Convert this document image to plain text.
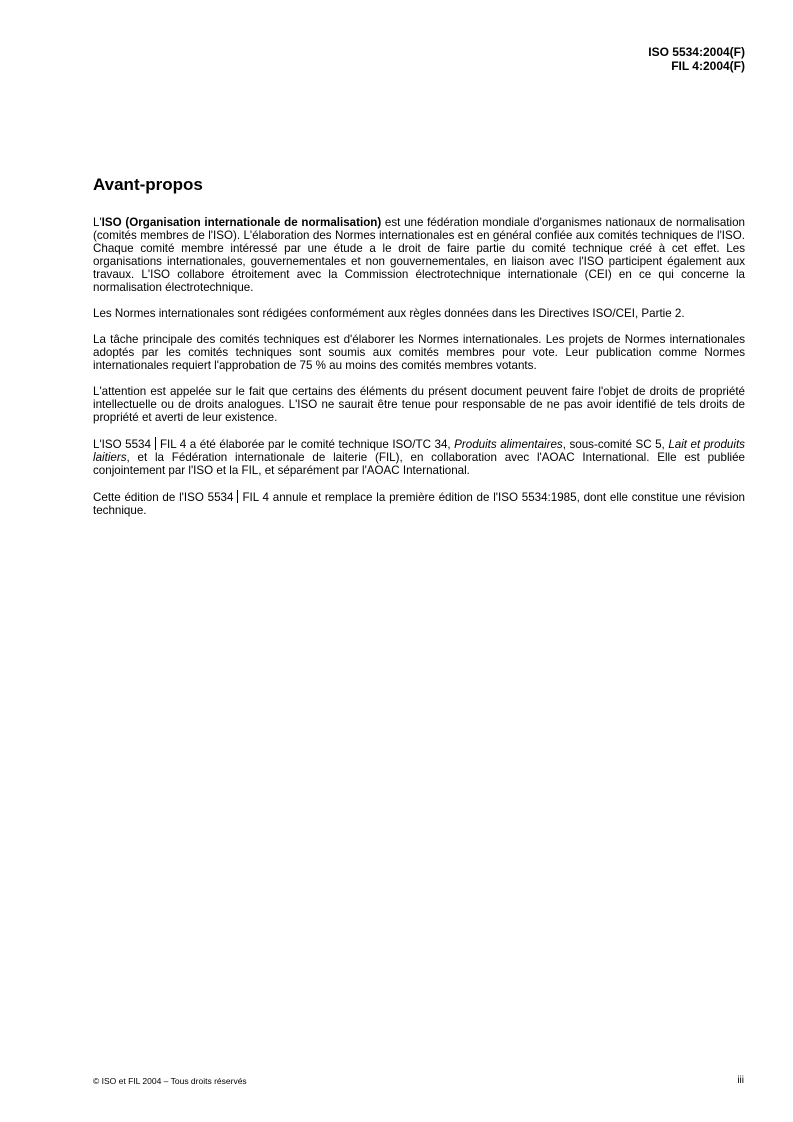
ISO 5534:2004(F)
FIL 4:2004(F)
Avant-propos

L'ISO (Organisation internationale de normalisation) est une fédération mondiale d'organismes nationaux de normalisation (comités membres de l'ISO). L'élaboration des Normes internationales est en général confiée aux comités techniques de l'ISO. Chaque comité membre intéressé par une étude a le droit de faire partie du comité technique créé à cet effet. Les organisations internationales, gouvernementales et non gouvernementales, en liaison avec l'ISO participent également aux travaux. L'ISO collabore étroitement avec la Commission électrotechnique internationale (CEI) en ce qui concerne la normalisation électrotechnique.

Les Normes internationales sont rédigées conformément aux règles données dans les Directives ISO/CEI, Partie 2.

La tâche principale des comités techniques est d'élaborer les Normes internationales. Les projets de Normes internationales adoptés par les comités techniques sont soumis aux comités membres pour vote. Leur publication comme Normes internationales requiert l'approbation de 75 % au moins des comités membres votants.

L'attention est appelée sur le fait que certains des éléments du présent document peuvent faire l'objet de droits de propriété intellectuelle ou de droits analogues. L'ISO ne saurait être tenue pour responsable de ne pas avoir identifié de tels droits de propriété et averti de leur existence.

L'ISO 5534 FIL 4 a été élaborée par le comité technique ISO/TC 34, Produits alimentaires, sous-comité SC 5, Lait et produits laitiers, et la Fédération internationale de laiterie (FIL), en collaboration avec l'AOAC International. Elle est publiée conjointement par l'ISO et la FIL, et séparément par l'AOAC International.

Cette édition de l'ISO 5534 FIL 4 annule et remplace la première édition de l'ISO 5534:1985, dont elle constitue une révision technique.

© ISO et FIL 2004 – Tous droits réservés	iii
